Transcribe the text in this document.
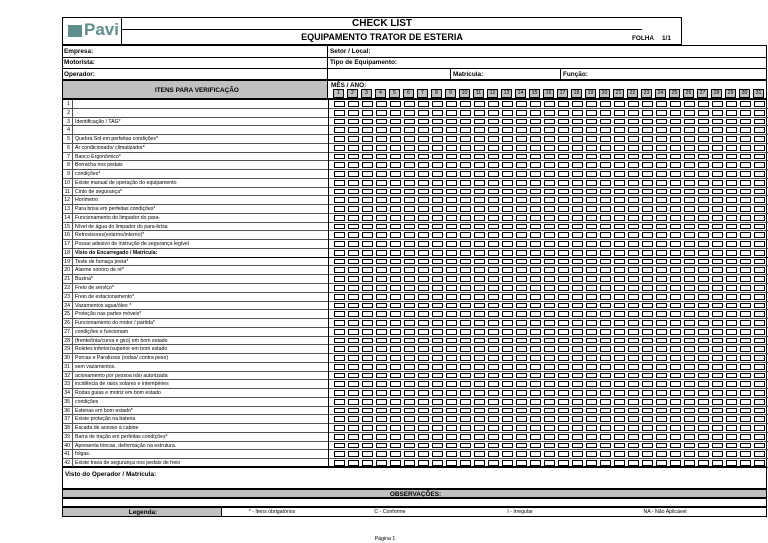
Pavi	CHECK LIST
EQUIPAMENTO TRATOR DE ESTERIA	FOLHA	1/1
Empresa:	Setor / Local:
Motorista:	Tipo de Equipamento:
Operador:	Matrícula:	Função:
ITENS PARA VERIFICAÇÃO
MÊS / ANO:
1	2	3	4	5	6	7	8	9	10	11	12	13	14	15	16	17	18	19	20	21	22	23	24	25	26	27	28	29	30	31
1
2
3 Identificação / TAG*
4
5 Quebra Sol em perfeitas condições*
6 Ar condicionado/ climatizador*
7 Banco Ergonômico*
8 Borracha nos pedais
9 condições*
10 Existe manual de operação do equipamento
11 Cinto de segurança*
12 Horímetro
13 Para brisa em perfeitas condições*
14 Funcionamento do limpador do para-
15 Nível de água do limpador do para-brisa
16 Retrovisores(externo/interno)*
17 Possui adesivo de instrução de segurança legível
18 Visto do Encarregado / Matrícula:
19 Teste de fumaça preta*
20 Alarme sonoro de ré*
21 Buzina*
22 Freio de serviço*
23 Freio de estacionamento*
24 Vazamentos agua/óleo *
25 Proteção nas partes móveis*
26 Funcionamento do motor / partida*
27 condições e funcionam
28 (frente/trás/curva e giro) em bom estado
29 Roletes inferior/superior em bom estado
30 Porcas e Parafusos (rodas/ contra peso)
31 sem vazamentos.
32 acionamento por pessoa não autorizada
33 incidência de raios solares e intempéries
34 Rodas guias e motriz em bom estado
35 condições
36 Esteiras em bom estado*
37 Existe proteção na bateria
38 Escada de acesso à cabine
39 Barra de tração em perfeitas condições*
40 Apresenta trincas, deformação na estrutura.
41 folgas.
42 Existe trava de segurança nos pedais de freio
Visto do Operador / Matrícula:
OBSERVAÇÕES:
Legenda:	* - Itens obrigatórios	C - Conforme	I - Irregular	NA - Não Aplicável
Página 1
